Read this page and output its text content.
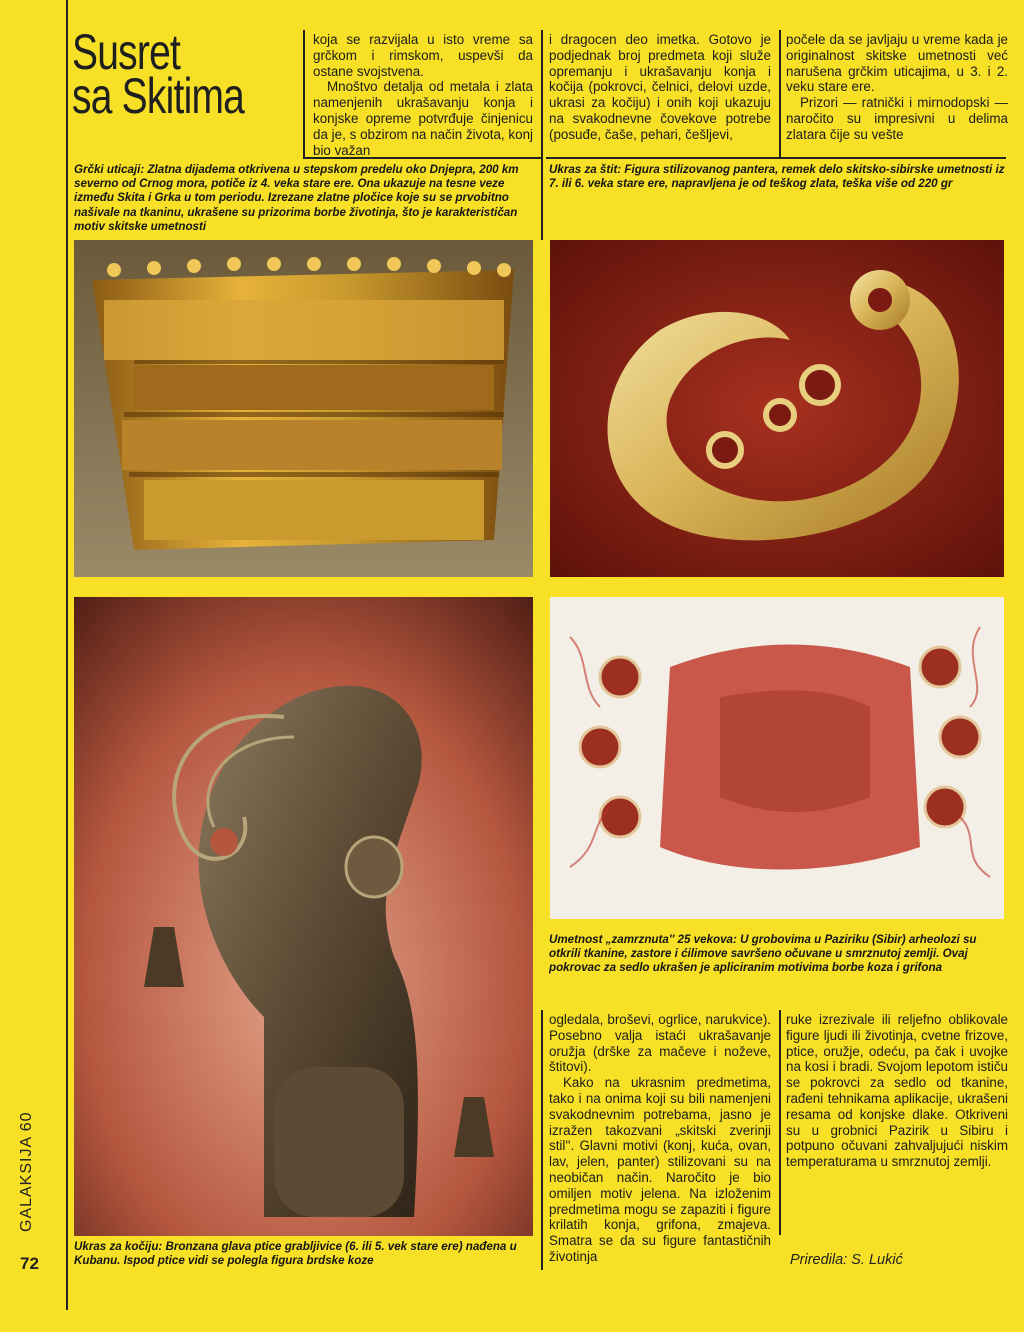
Susret
sa Skitima

koja se razvijala u isto vreme sa grčkom i rimskom, uspevši da ostane svojstvena.

Mnoštvo detalja od metala i zlata namenjenih ukrašavanju konja i konjske opreme potvrđuje činjenicu da je, s obzirom na način života, konj bio važan

i dragocen deo imetka. Gotovo je podjednak broj predmeta koji služe opremanju i ukrašavanju konja i kočija (pokrovci, čelnici, delovi uzde, ukrasi za kočiju) i onih koji ukazuju na svakodnevne čovekove potrebe (posuđe, čaše, pehari, češljevi,

počele da se javljaju u vreme kada je originalnost skitske umetnosti već narušena grčkim uticajima, u 3. i 2. veku stare ere.

Prizori — ratnički i mirnodopski — naročito su impresivni u delima zlatara čije su vešte

Grčki uticaji: Zlatna dijadema otkrivena u stepskom predelu oko Dnjepra, 200 km severno od Crnog mora, potiče iz 4. veka stare ere. Ona ukazuje na tesne veze između Skita i Grka u tom periodu. Izrezane zlatne pločice koje su se prvobitno našivale na tkaninu, ukrašene su prizorima borbe životinja, što je karakterističan motiv skitske umetnosti
Ukras za štit: Figura stilizovanog pantera, remek delo skitsko-sibirske umetnosti iz 7. ili 6. veka stare ere, napravljena je od teškog zlata, teška više od 220 gr
Umetnost „zamrznuta'' 25 vekova: U grobovima u Paziriku (Sibir) arheolozi su otkrili tkanine, zastore i ćilimove savršeno očuvane u smrznutoj zemlji. Ovaj pokrovac za sedlo ukrašen je apliciranim motivima borbe koza i grifona
Ukras za kočiju: Bronzana glava ptice grabljivice (6. ili 5. vek stare ere) nađena u Kubanu. Ispod ptice vidi se polegla figura brdske koze

ogledala, broševi, ogrlice, narukvice). Posebno valja istaći ukrašavanje oružja (drške za mačeve i noževe, štitovi).

Kako na ukrasnim predmetima, tako i na onima koji su bili namenjeni svakodnevnim potrebama, jasno je izražen takozvani „skitski zverinji stil''. Glavni motivi (konj, kuća, ovan, lav, jelen, panter) stilizovani su na neobičan način. Naročito je bio omiljen motiv jelena. Na izloženim predmetima mogu se zapaziti i figure krilatih konja, grifona, zmajeva. Smatra se da su figure fantastičnih životinja

ruke izrezivale ili reljefno oblikovale figure ljudi ili životinja, cvetne frizove, ptice, oružje, odeću, pa čak i uvojke na kosi i bradi. Svojom lepotom ističu se pokrovci za sedlo od tkanine, rađeni tehnikama aplikacije, ukrašeni resama od konjske dlake. Otkriveni su u grobnici Pazirik u Sibiru i potpuno očuvani zahvaljujući niskim temperaturama u smrznutoj zemlji.

GALAKSIJA 60
72	Priredila: S. Lukić
